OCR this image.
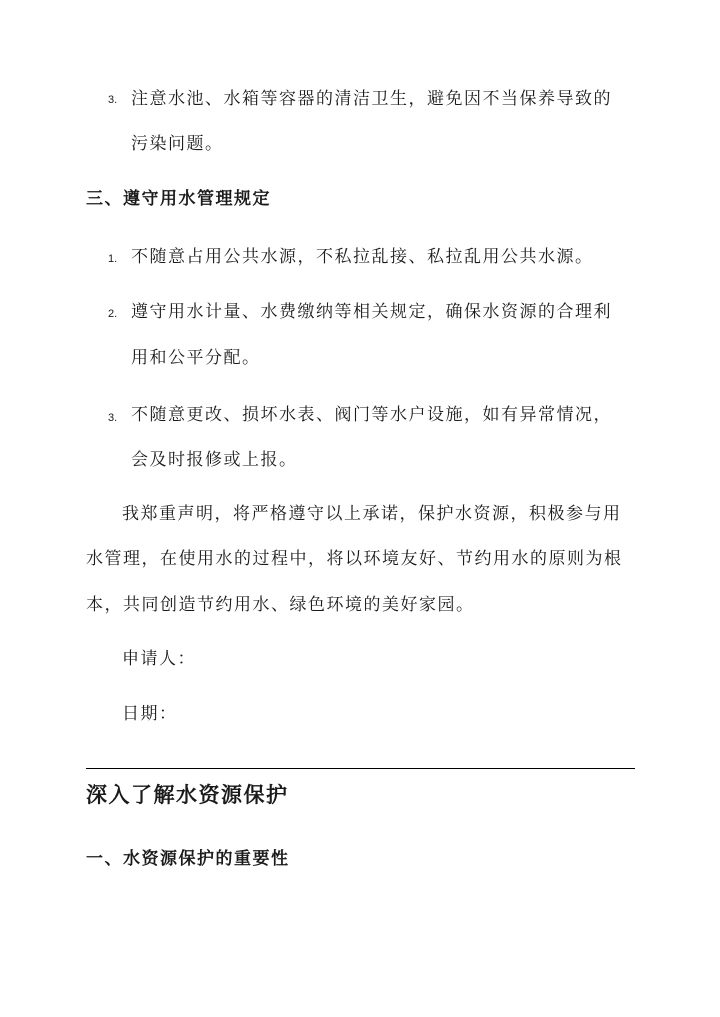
3. 注意水池、水箱等容器的清洁卫生，避免因不当保养导致的
污染问题。
三、遵守用水管理规定
1. 不随意占用公共水源，不私拉乱接、私拉乱用公共水源。
2. 遵守用水计量、水费缴纳等相关规定，确保水资源的合理利
用和公平分配。
3. 不随意更改、损坏水表、阀门等水户设施，如有异常情况，
会及时报修或上报。
我郑重声明，将严格遵守以上承诺，保护水资源，积极参与用
水管理，在使用水的过程中，将以环境友好、节约用水的原则为根
本，共同创造节约用水、绿色环境的美好家园。
申请人：
日期：
深入了解水资源保护
一、水资源保护的重要性
